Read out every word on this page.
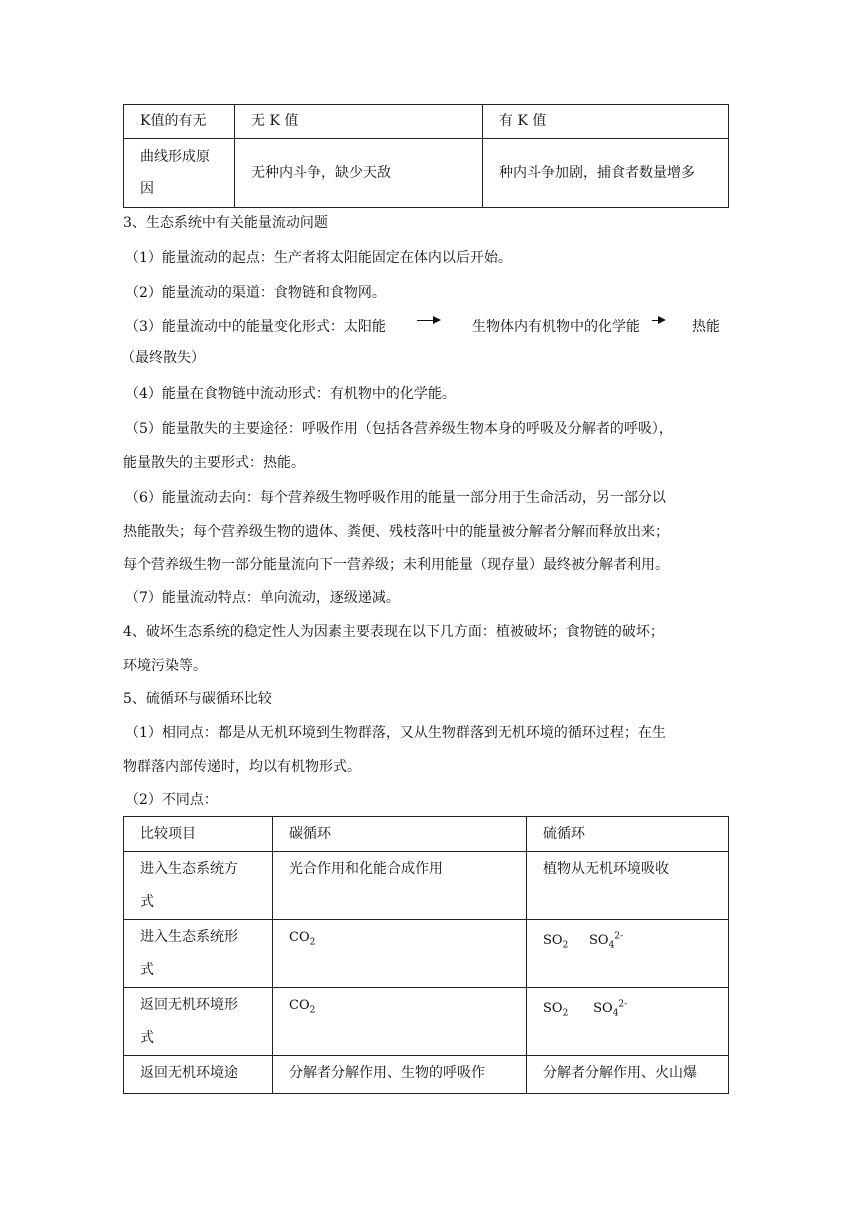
K值的有无	无 K 值	有 K 值

曲线形成原
因	无种内斗争，缺少天敌	种内斗争加剧，捕食者数量增多
3、生态系统中有关能量流动问题
（1）能量流动的起点：生产者将太阳能固定在体内以后开始。
（2）能量流动的渠道：食物链和食物网。
（3）能量流动中的能量变化形式：太阳能	生物体内有机物中的化学能	热能
（最终散失）
（4）能量在食物链中流动形式：有机物中的化学能。
（5）能量散失的主要途径：呼吸作用（包括各营养级生物本身的呼吸及分解者的呼吸），
能量散失的主要形式：热能。
（6）能量流动去向：每个营养级生物呼吸作用的能量一部分用于生命活动，另一部分以
热能散失；每个营养级生物的遗体、粪便、残枝落叶中的能量被分解者分解而释放出来；
每个营养级生物一部分能量流向下一营养级；未利用能量（现存量）最终被分解者利用。
（7）能量流动特点：单向流动，逐级递减。
4、破坏生态系统的稳定性人为因素主要表现在以下几方面：植被破坏；食物链的破坏；
环境污染等。
5、硫循环与碳循环比较
（1）相同点：都是从无机环境到生物群落，又从生物群落到无机环境的循环过程；在生
物群落内部传递时，均以有机物形式。
（2）不同点：
比较项目	碳循环	硫循环

进入生态系统方
式	光合作用和化能合成作用	植物从无机环境吸收

进入生态系统形
式	$CO_2$	$SO_2$ $SO_4^{2-}$

返回无机环境形
式	$CO_2$	$SO_2$ $SO_4^{2-}$
返回无机环境途	分解者分解作用、生物的呼吸作	分解者分解作用、火山爆
